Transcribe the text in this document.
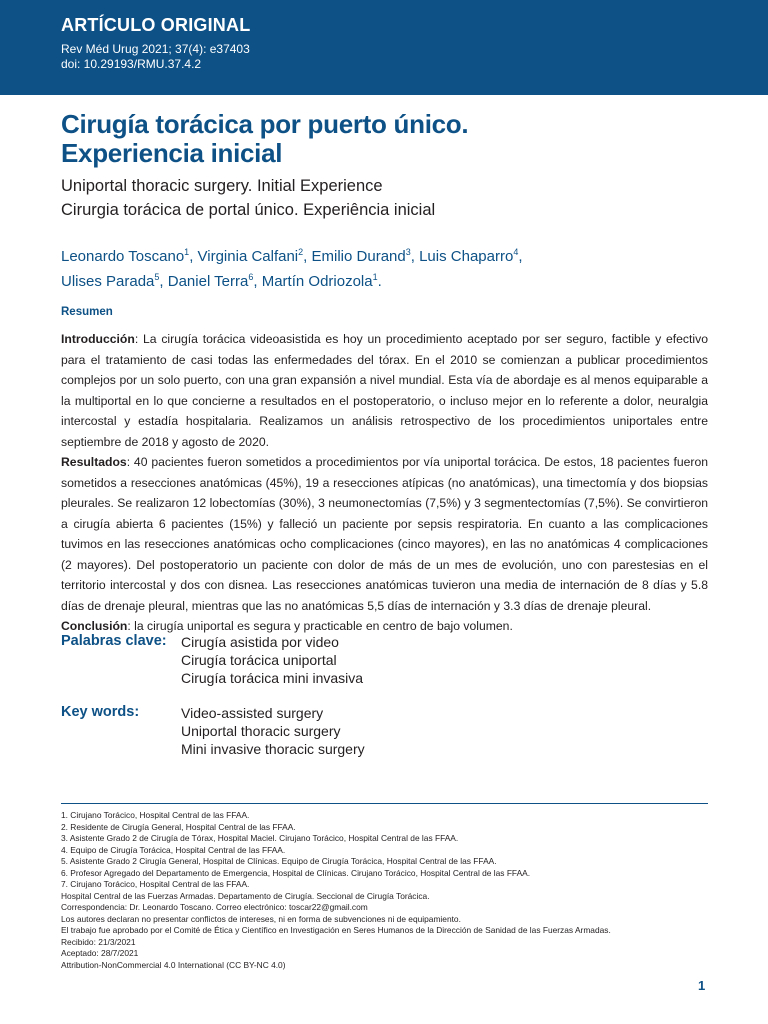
ARTÍCULO ORIGINAL
Rev Méd Urug 2021; 37(4): e37403
doi: 10.29193/RMU.37.4.2
Cirugía torácica por puerto único.
Experiencia inicial
Uniportal thoracic surgery. Initial Experience
Cirurgia torácica de portal único. Experiência inicial
Leonardo Toscano$^1$, Virginia Calfani$^2$, Emilio Durand$^3$, Luis Chaparro$^4$,
Ulises Parada$^5$, Daniel Terra$^6$, Martín Odriozola$^1$.
Resumen

Introducción: La cirugía torácica videoasistida es hoy un procedimiento aceptado por ser seguro, factible y efectivo para el tratamiento de casi todas las enfermedades del tórax. En el 2010 se comienzan a publicar procedimientos complejos por un solo puerto, con una gran expansión a nivel mundial. Esta vía de abordaje es al menos equiparable a la multiportal en lo que concierne a resultados en el postoperatorio, o incluso mejor en lo referente a dolor, neuralgia intercostal y estadía hospitalaria. Realizamos un análisis retrospectivo de los procedimientos uniportales entre septiembre de 2018 y agosto de 2020.

Resultados: 40 pacientes fueron sometidos a procedimientos por vía uniportal torácica. De estos, 18 pacientes fueron sometidos a resecciones anatómicas (45%), 19 a resecciones atípicas (no anatómicas), una timectomía y dos biopsias pleurales. Se realizaron 12 lobectomías (30%), 3 neumonectomías (7,5%) y 3 segmentectomías (7,5%). Se convirtieron a cirugía abierta 6 pacientes (15%) y falleció un paciente por sepsis respiratoria. En cuanto a las complicaciones tuvimos en las resecciones anatómicas ocho complicaciones (cinco mayores), en las no anatómicas 4 complicaciones (2 mayores). Del postoperatorio un paciente con dolor de más de un mes de evolución, uno con parestesias en el territorio intercostal y dos con disnea. Las resecciones anatómicas tuvieron una media de internación de 8 días y 5.8 días de drenaje pleural, mientras que las no anatómicas 5,5 días de internación y 3.3 días de drenaje pleural.

Conclusión: la cirugía uniportal es segura y practicable en centro de bajo volumen.

Palabras clave: Cirugía asistida por video
Cirugía torácica uniportal
Cirugía torácica mini invasiva
Key words:	Video-assisted surgery
Uniportal thoracic surgery
Mini invasive thoracic surgery
1. Cirujano Torácico, Hospital Central de las FFAA.
2. Residente de Cirugía General, Hospital Central de las FFAA.
3. Asistente Grado 2 de Cirugía de Tórax, Hospital Maciel. Cirujano Torácico, Hospital Central de las FFAA.
4. Equipo de Cirugía Torácica, Hospital Central de las FFAA.
5. Asistente Grado 2 Cirugía General, Hospital de Clínicas. Equipo de Cirugía Torácica, Hospital Central de las FFAA.
6. Profesor Agregado del Departamento de Emergencia, Hospital de Clínicas. Cirujano Torácico, Hospital Central de las FFAA.
7. Cirujano Torácico, Hospital Central de las FFAA.
Hospital Central de las Fuerzas Armadas. Departamento de Cirugía. Seccional de Cirugía Torácica.
Correspondencia: Dr. Leonardo Toscano. Correo electrónico: toscar22@gmail.com
Los autores declaran no presentar conflictos de intereses, ni en forma de subvenciones ni de equipamiento.
El trabajo fue aprobado por el Comité de Ética y Científico en Investigación en Seres Humanos de la Dirección de Sanidad de las Fuerzas Armadas.
Recibido: 21/3/2021
Aceptado: 28/7/2021
Attribution-NonCommercial 4.0 International (CC BY-NC 4.0)
1
